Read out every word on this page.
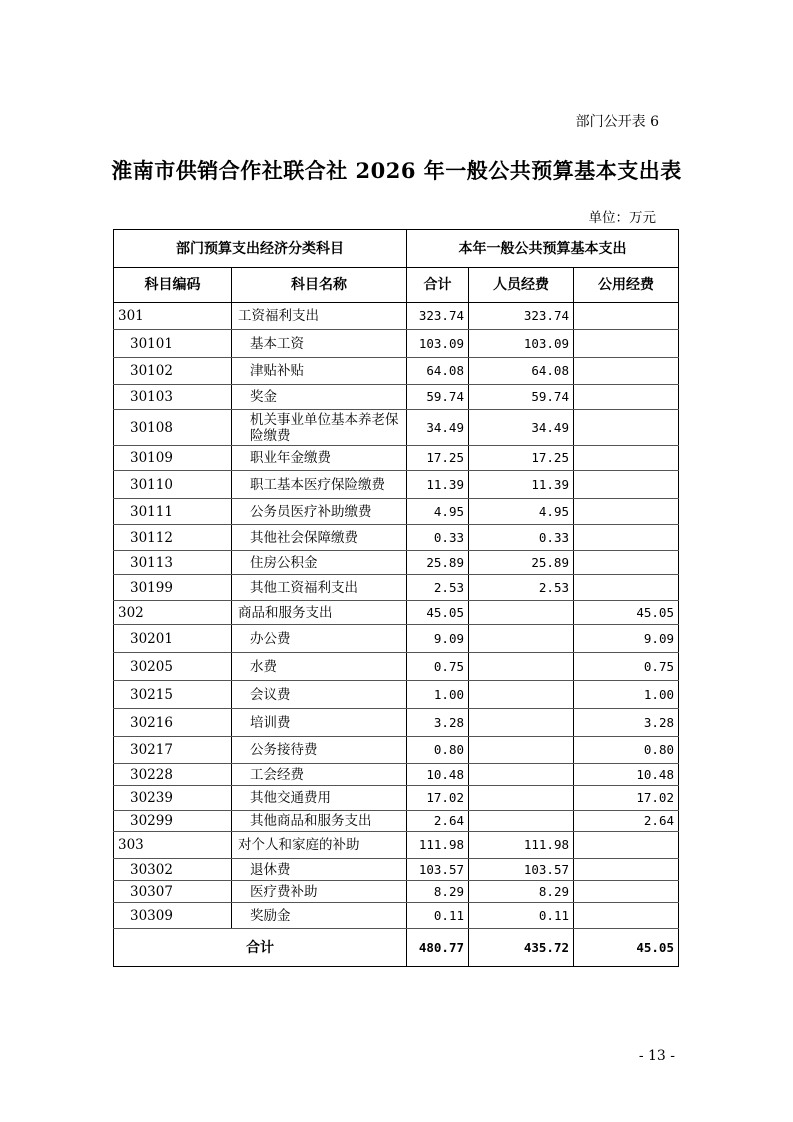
部门公开表 6
淮南市供销合作社联合社 2026 年一般公共预算基本支出表
单位：万元
部门预算支出经济分类科目		本年一般公共预算基本支出		
科目编码	科目名称	合计	人员经费	公用经费
301	工资福利支出	323.74	323.74	
30101	基本工资	103.09	103.09	
30102	津贴补贴	64.08	64.08	
30103	奖金	59.74	59.74	
30108	机关事业单位基本养老保险缴费	34.49	34.49	
30109	职业年金缴费	17.25	17.25	
30110	职工基本医疗保险缴费	11.39	11.39	
30111	公务员医疗补助缴费	4.95	4.95	
30112	其他社会保障缴费	0.33	0.33	
30113	住房公积金	25.89	25.89	
30199	其他工资福利支出	2.53	2.53	
302	商品和服务支出	45.05		45.05
30201	办公费	9.09		9.09
30205	水费	0.75		0.75
30215	会议费	1.00		1.00
30216	培训费	3.28		3.28
30217	公务接待费	0.80		0.80
30228	工会经费	10.48		10.48
30239	其他交通费用	17.02		17.02
30299	其他商品和服务支出	2.64		2.64
303	对个人和家庭的补助	111.98	111.98	
30302	退休费	103.57	103.57	
30307	医疗费补助	8.29	8.29	
30309	奖励金	0.11	0.11	
合计		480.77	435.72	45.05
- 13 -
